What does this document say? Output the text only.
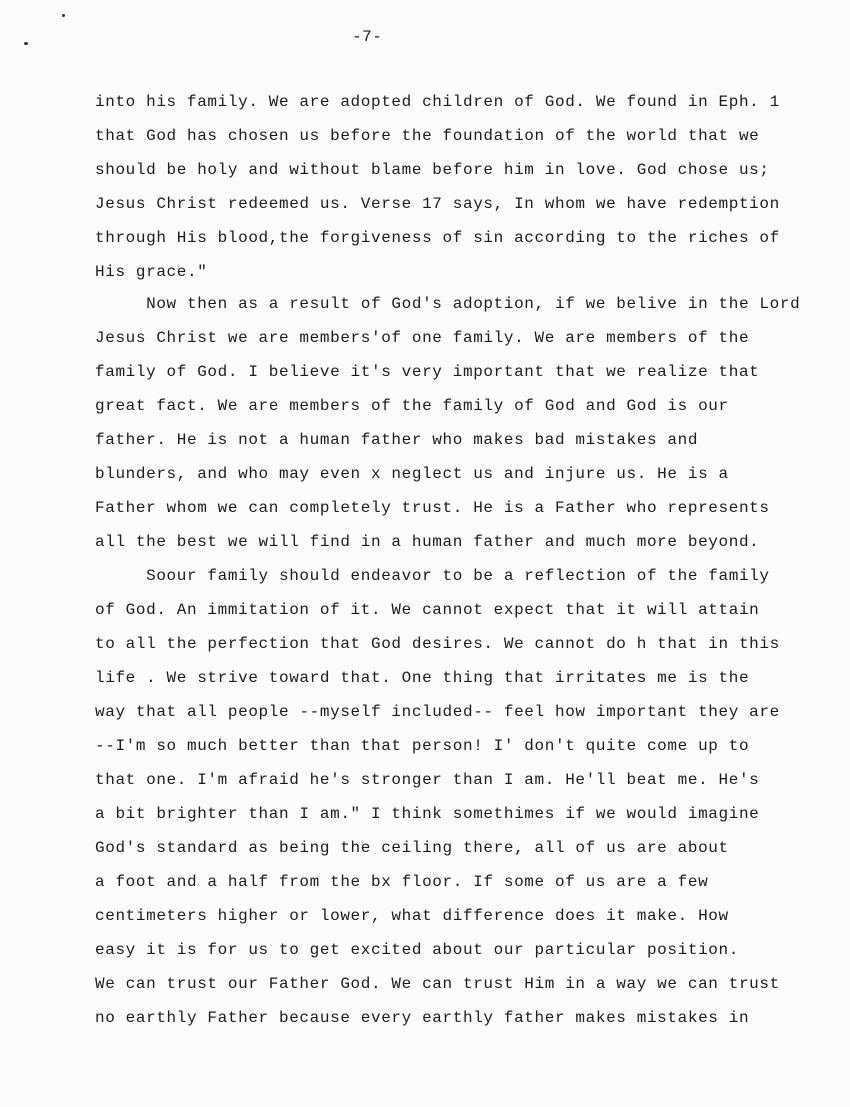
-7-
into his family. We are adopted children of God. We found in Eph. 1
that God has chosen us before the foundation of the world that we
should be holy and without blame before him in love. God chose us;
Jesus Christ redeemed us. Verse 17 says, In whom we have redemption
through His blood,the forgiveness of sin according to the riches of
His grace."
Now then as a result of God's adoption, if we belive in the Lord
Jesus Christ we are members'of one family. We are members of the
family of God. I believe it's very important that we realize that
great fact. We are members of the family of God and God is our
father. He is not a human father who makes bad mistakes and
blunders, and who may even x neglect us and injure us. He is a
Father whom we can completely trust. He is a Father who represents
all the best we will find in a human father and much more beyond.
Soour family should endeavor to be a reflection of the family
of God. An immitation of it. We cannot expect that it will attain
to all the perfection that God desires. We cannot do h that in this
life . We strive toward that. One thing that irritates me is the
way that all people --myself included-- feel how important they are
--I'm so much better than that person! I' don't quite come up to
that one. I'm afraid he's stronger than I am. He'll beat me. He's
a bit brighter than I am." I think somethimes if we would imagine
God's standard as being the ceiling there, all of us are about
a foot and a half from the bx floor. If some of us are a few
centimeters higher or lower, what difference does it make. How
easy it is for us to get excited about our particular position.
We can trust our Father God. We can trust Him in a way we can trust
no earthly Father because every earthly father makes mistakes in
